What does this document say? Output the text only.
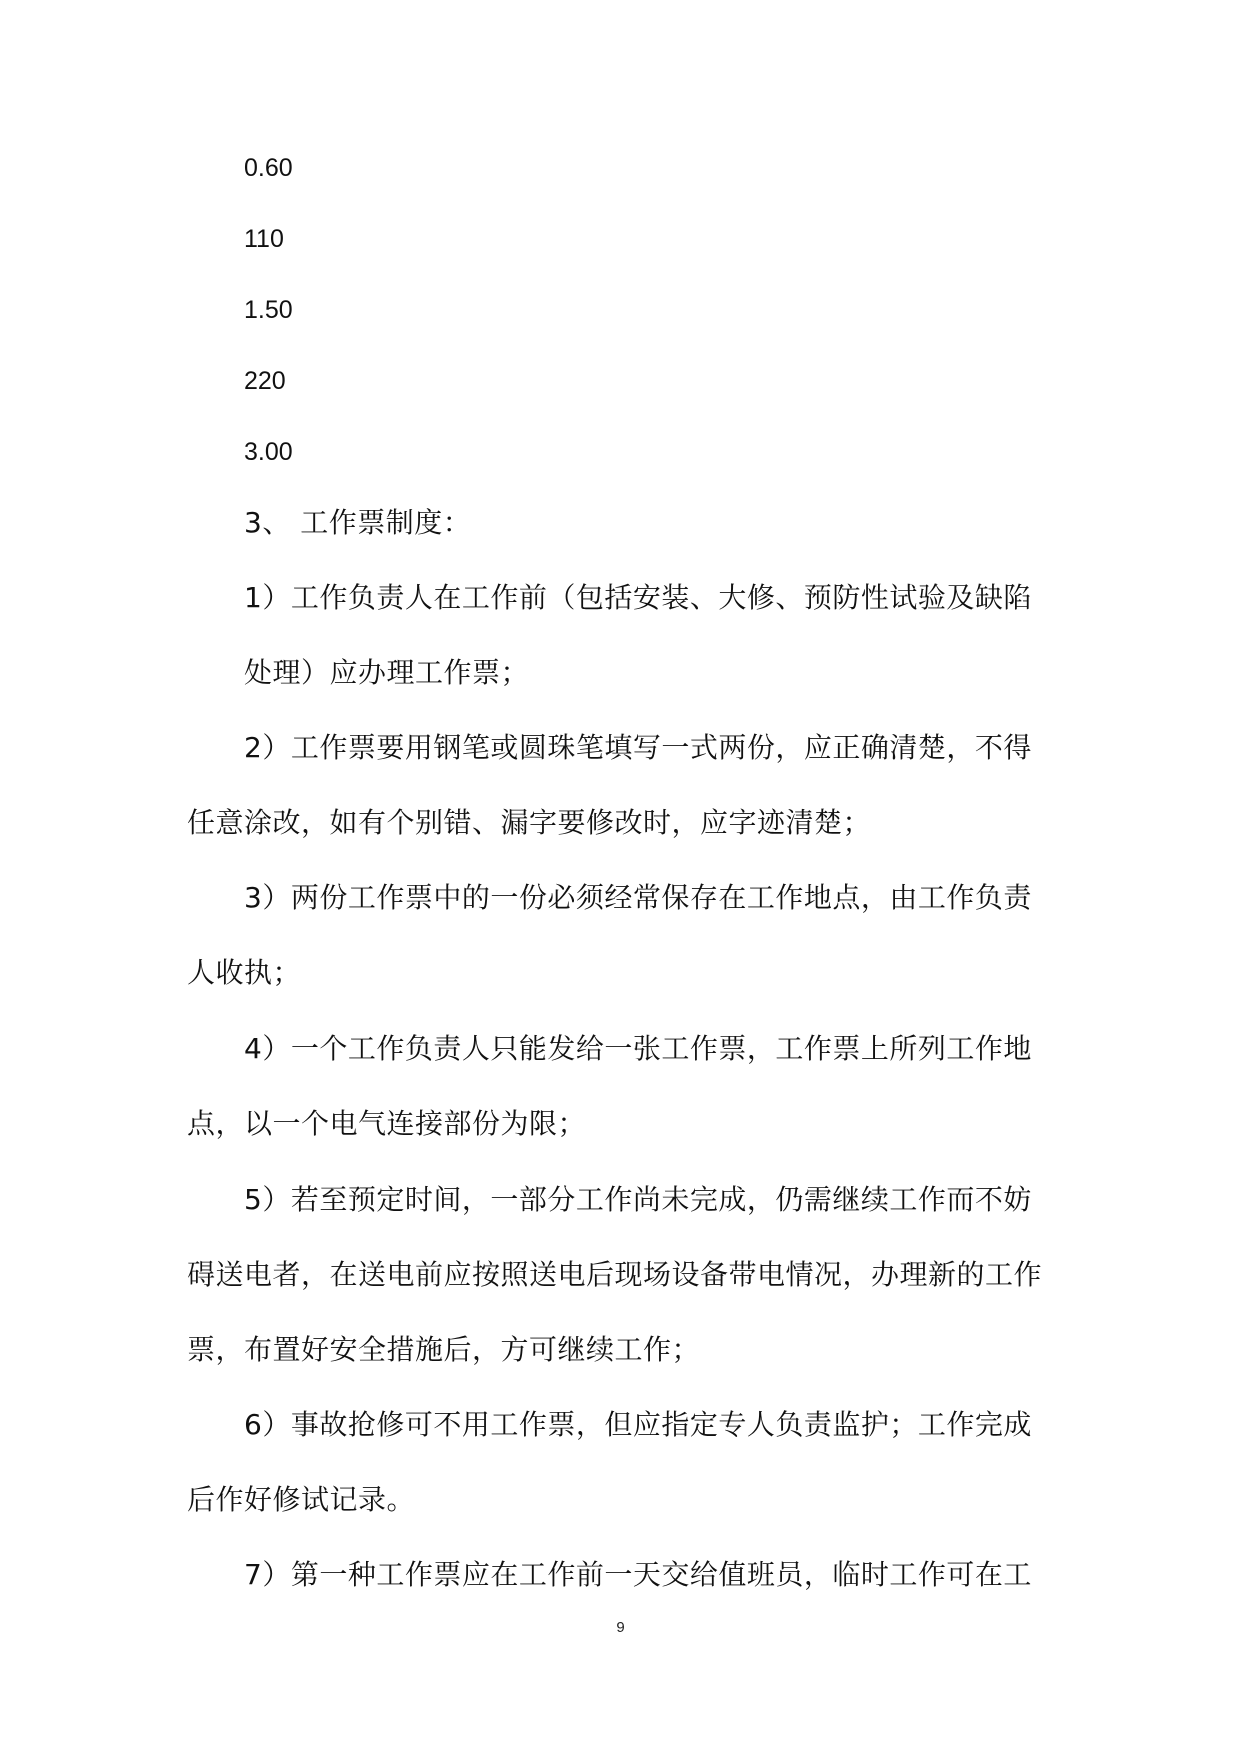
0.60
110
1.50
220
3.00
3、 工作票制度：
1）工作负责人在工作前（包括安装、大修、预防性试验及缺陷
处理）应办理工作票；
2）工作票要用钢笔或圆珠笔填写一式两份，应正确清楚，不得
任意涂改，如有个别错、漏字要修改时，应字迹清楚；
3）两份工作票中的一份必须经常保存在工作地点，由工作负责
人收执；
4）一个工作负责人只能发给一张工作票，工作票上所列工作地
点，以一个电气连接部份为限；
5）若至预定时间，一部分工作尚未完成，仍需继续工作而不妨
碍送电者，在送电前应按照送电后现场设备带电情况，办理新的工作
票，布置好安全措施后，方可继续工作；
6）事故抢修可不用工作票，但应指定专人负责监护；工作完成
后作好修试记录。
7）第一种工作票应在工作前一天交给值班员，临时工作可在工
9
